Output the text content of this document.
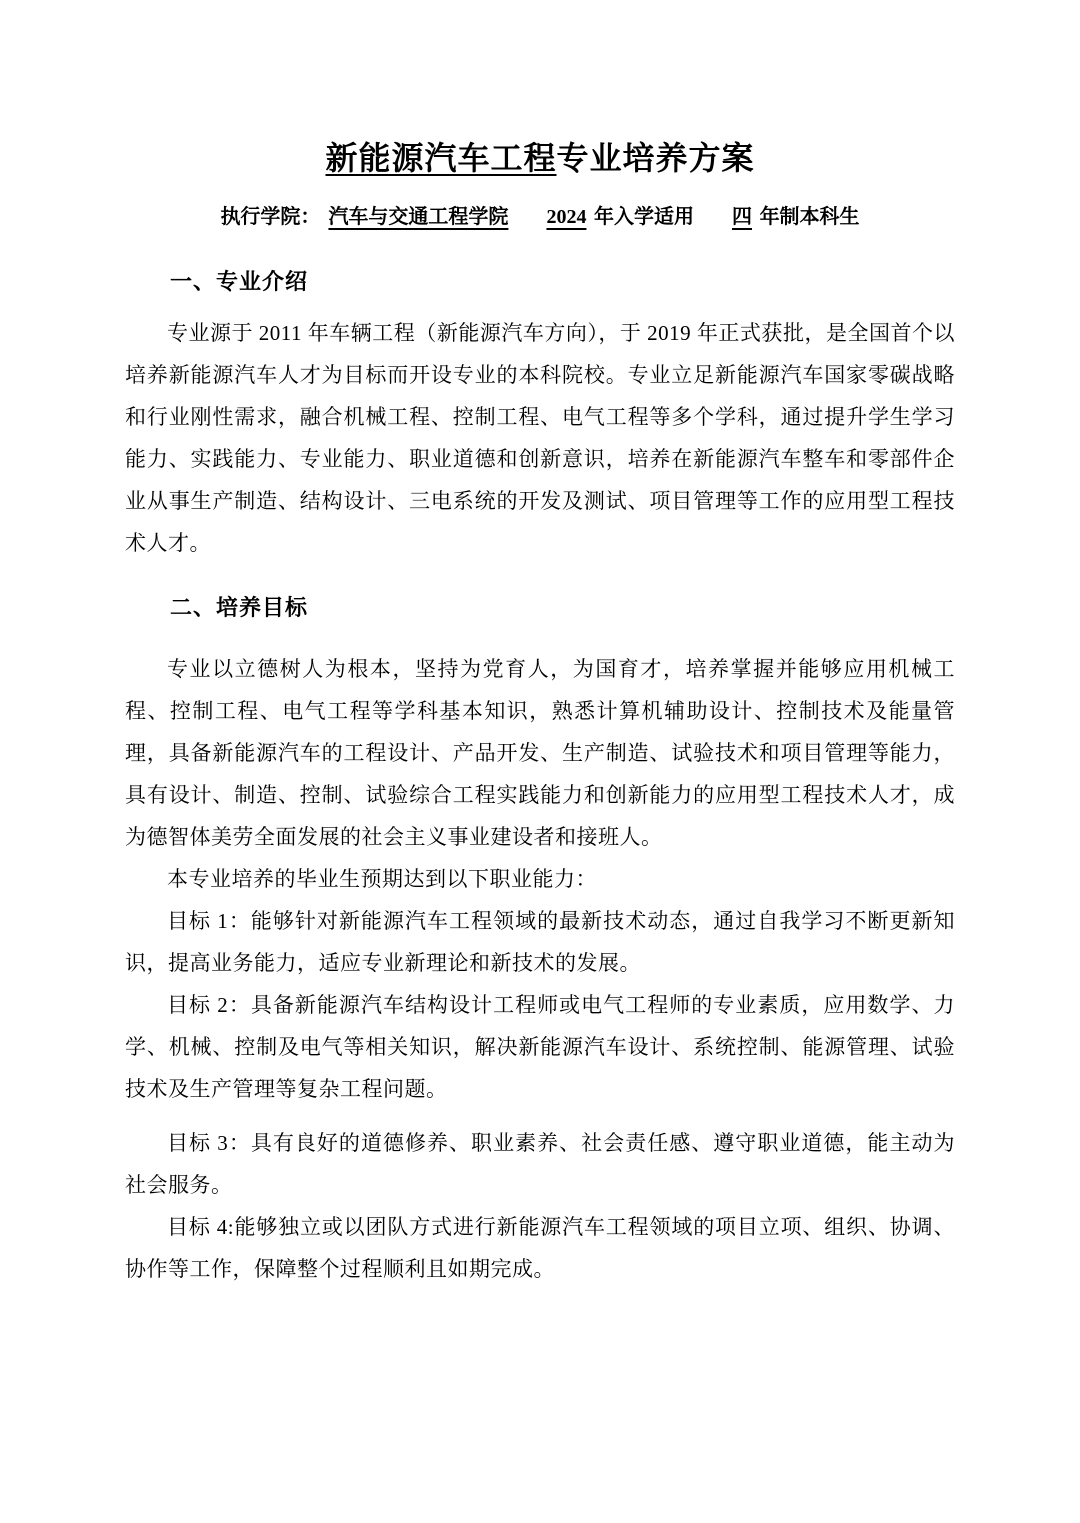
新能源汽车工程专业培养方案

执行学院： 汽车与交通工程学院 2024 年入学适用 四 年制本科生

一、专业介绍

专业源于 2011 年车辆工程（新能源汽车方向），于 2019 年正式获批，是全国首个以培养新能源汽车人才为目标而开设专业的本科院校。专业立足新能源汽车国家零碳战略和行业刚性需求，融合机械工程、控制工程、电气工程等多个学科，通过提升学生学习能力、实践能力、专业能力、职业道德和创新意识，培养在新能源汽车整车和零部件企业从事生产制造、结构设计、三电系统的开发及测试、项目管理等工作的应用型工程技术人才。

二、培养目标

专业以立德树人为根本，坚持为党育人，为国育才，培养掌握并能够应用机械工程、控制工程、电气工程等学科基本知识，熟悉计算机辅助设计、控制技术及能量管理，具备新能源汽车的工程设计、产品开发、生产制造、试验技术和项目管理等能力，具有设计、制造、控制、试验综合工程实践能力和创新能力的应用型工程技术人才，成为德智体美劳全面发展的社会主义事业建设者和接班人。

本专业培养的毕业生预期达到以下职业能力：

目标 1：能够针对新能源汽车工程领域的最新技术动态，通过自我学习不断更新知识，提高业务能力，适应专业新理论和新技术的发展。

目标 2：具备新能源汽车结构设计工程师或电气工程师的专业素质，应用数学、力学、机械、控制及电气等相关知识，解决新能源汽车设计、系统控制、能源管理、试验技术及生产管理等复杂工程问题。

目标 3：具有良好的道德修养、职业素养、社会责任感、遵守职业道德，能主动为社会服务。

目标 4:能够独立或以团队方式进行新能源汽车工程领域的项目立项、组织、协调、协作等工作，保障整个过程顺利且如期完成。
